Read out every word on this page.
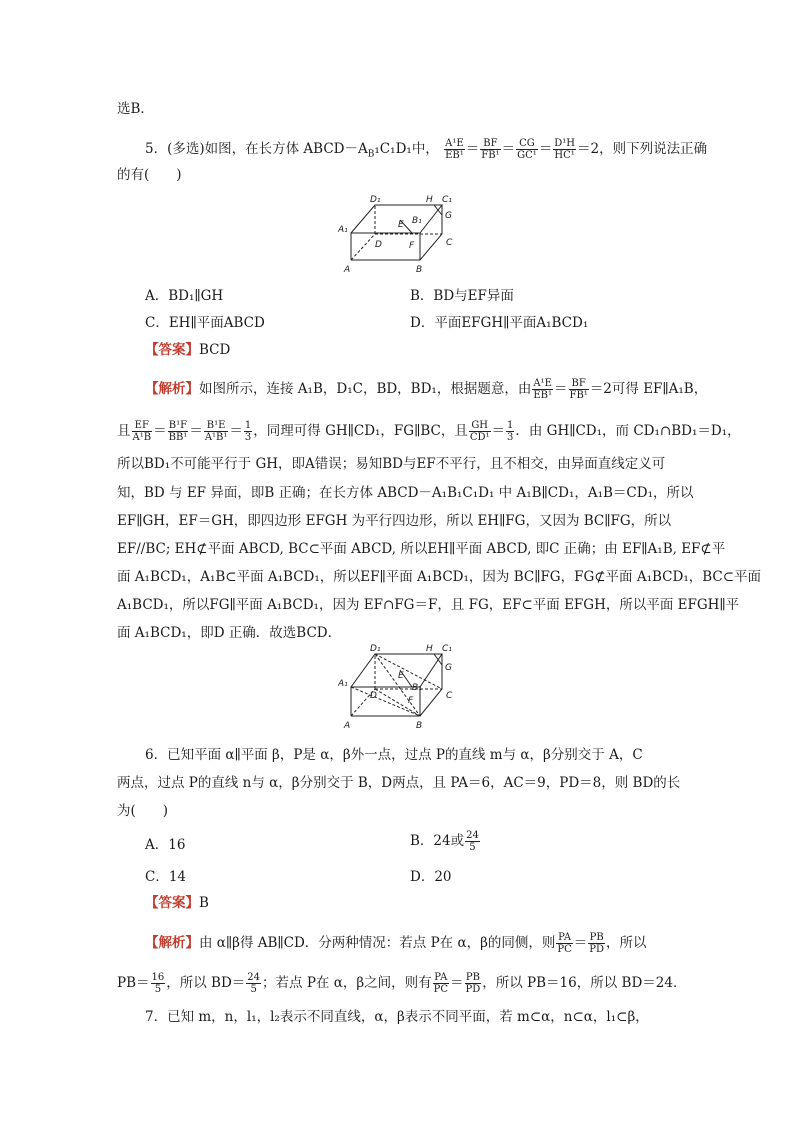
选B．
5．(多选)如图，在长方体 $ABCD-A_B_1C_1D_1$中， $\frac{\text{A¹E}}{\text{EB¹}} = \frac{BF}{\text{FB¹}} = \frac{CG}{\text{GC¹}} = \frac{\text{D¹H}}{\text{HC¹}} =2$，则下列说法正确
的有(　　)
A	B
C
D
A₁
C₁
D₁
E
F
G
H
B₁
A．BD₁∥GH	B．BD与EF异面
C．EH∥平面ABCD	D．平面EFGH∥平面A₁BCD₁
【答案】BCD
【解析】如图所示，连接 A₁B，D₁C，BD，BD₁，根据题意，由 $\frac{\text{A¹E}}{\text{EB¹}} = \frac{BF}{\text{FB¹}} =2$可得 EF∥A₁B，
且 $\frac{EF}{\text{A¹B}} = \frac{\text{B¹F}}{\text{BB¹}} = \frac{\text{B¹E}}{\text{A¹B¹}} = \frac{1}{3}$ ，同理可得 GH∥CD₁，FG∥BC，且 $\frac{GH}{\text{CD¹}} = \frac{1}{3}$ ．由 GH∥CD₁，而 CD₁∩BD₁＝D₁，
所以BD₁不可能平行于 GH，即A错误；易知BD与EF不平行，且不相交，由异面直线定义可
知，BD 与 EF 异面，即B 正确；在长方体 ABCD－A₁B₁C₁D₁ 中 A₁B∥CD₁，A₁B＝CD₁，所以
EF∥GH，EF＝GH，即四边形 EFGH 为平行四边形，所以 EH∥FG，又因为 BC∥FG，所以
EF//BC; EH⊄平面 ABCD, BC⊂平面 ABCD, 所以EH∥平面 ABCD, 即C 正确；由 EF∥A₁B, EF⊄平
面 A₁BCD₁，A₁B⊂平面 A₁BCD₁，所以EF∥平面 A₁BCD₁，因为 BC∥FG，FG⊄平面 A₁BCD₁，BC⊂平面
A₁BCD₁，所以FG∥平面 A₁BCD₁，因为 EF∩FG＝F，且 FG，EF⊂平面 EFGH，所以平面 EFGH∥平
面 A₁BCD₁，即D 正确．故选BCD．
A	B
C
D
A₁
C₁
D₁
E
F
G
H
B₁
6．已知平面 α∥平面 β，P是 α，β外一点，过点 P的直线 m与 α，β分别交于 A，C
两点，过点 P的直线 n与 α，β分别交于 B，D两点，且 PA＝6，AC＝9，PD＝8，则 BD的长
为(　　)
A．16	B．24或 $\frac{24}{5}$
C．14	D．20
【答案】B
【解析】由 α∥β得 AB∥CD．分两种情况：若点 P在 α，β的同侧，则 $\frac{PA}{PC} = \frac{PB}{PD}$ ，所以
$PB= \frac{16}{5}$ ，所以 $BD= \frac{24}{5}$ ；若点 P在 α，β之间，则有 $\frac{PA}{PC} = \frac{PB}{PD}$ ，所以 PB＝16，所以 BD＝24．
7．已知 m，n，l₁，l₂表示不同直线，α，β表示不同平面，若 m⊂α，n⊂α，l₁⊂β，
